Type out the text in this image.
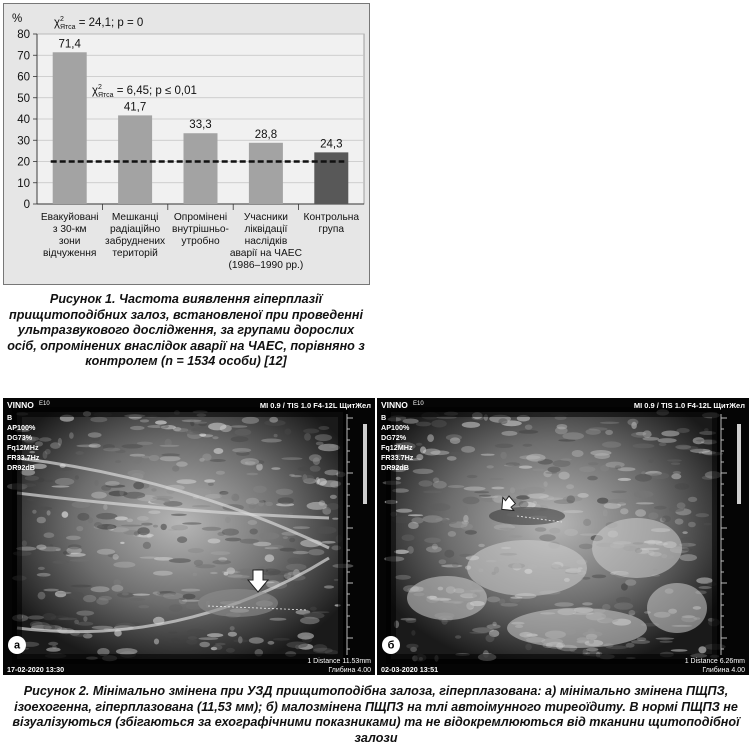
0
10
20
30
40
50
60
70
80
%
71,4
Евакуйовані
з 30-км
зони
відчуження
41,7
Мешканці
радіаційно
забруднених
територій
33,3
Опромінені
внутрішньо-
утробно
28,8
Учасники
ліквідації
наслідків
аварії на ЧАЕС
(1986–1990 рр.)
24,3
Контрольна
група
$\chi^2$ Ятса = 24,1; р = 0
$\chi^2$ Ятса = 6,45; р ≤ 0,01
Рисунок 1. Частота виявлення гіперплазії прищитоподібних залоз, встановленої при проведенні ультразвукового дослідження, за групами дорослих осіб, опромінених внаслідок аварії на ЧАЕС, порівняно з контролем (n = 1534 особи) [12]
VINNO E10	MI 0.9 / TIS 1.0 F4-12L ЩитЖел
B
AP100%
DG73%
Fq12MHz
FR33.7Hz
DR92dB
а
17-02-2020 13:30
1 Distance 11.53mm
Глибина 4.00
VINNO E10	MI 0.9 / TIS 1.0 F4-12L ЩитЖел
B
AP100%
DG72%
Fq12MHz
FR33.7Hz
DR92dB
б
02-03-2020 13:51
1 Distance 6.26mm
Глибина 4.00
Рисунок 2. Мінімально змінена при УЗД прищитоподібна залоза, гіперплазована: а) мінімально змінена ПЩПЗ, ізоехогенна, гіперплазована (11,53 мм); б) малозмінена ПЩПЗ на тлі автоімунного тиреоїдиту. В нормі ПЩПЗ не візуалізуються (збігаються за ехографічними показниками) та не відокремлюються від тканини щитоподібної залози
